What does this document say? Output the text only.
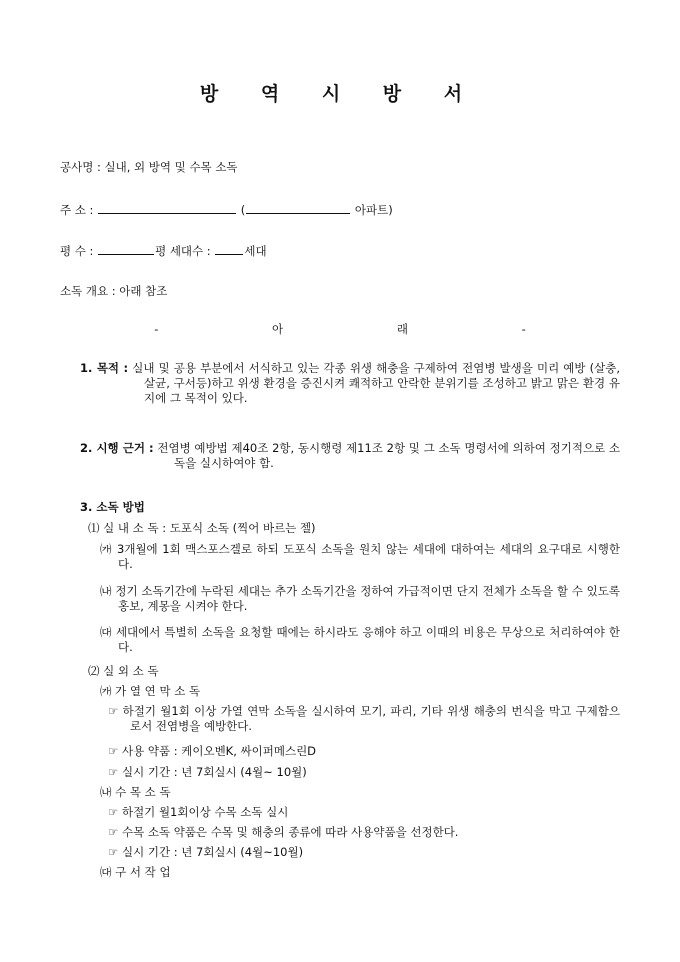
방 역 시 방 서
공사명 : 실내, 외 방역 및 수목 소독
주 소 :	(	아파트)
평 수 :	평 세대수 :	세대
소독 개요 : 아래 참조
- 아 래 -
1. 목적 : 실내 및 공용 부분에서 서식하고 있는 각종 위생 해충을 구제하여 전염병 발생을 미리 예방 (살충, 살균, 구서등)하고 위생 환경을 증진시켜 쾌적하고 안락한 분위기를 조성하고 밝고 맑은 환경 유지에 그 목적이 있다.
2. 시행 근거 : 전염병 예방법 제40조 2항, 동시행령 제11조 2항 및 그 소독 명령서에 의하여 정기적으로 소독을 실시하여야 함.
3. 소독 방법
⑴ 실 내 소 독 : 도포식 소독 (찍어 바르는 젤)
㈎ 3개월에 1회 맥스포스겔로 하되 도포식 소독을 원치 않는 세대에 대하여는 세대의 요구대로 시행한다.
㈏ 정기 소독기간에 누락된 세대는 추가 소독기간을 정하여 가급적이면 단지 전체가 소독을 할 수 있도록 홍보, 계몽을 시켜야 한다.
㈐ 세대에서 특별히 소독을 요청할 때에는 하시라도 응해야 하고 이때의 비용은 무상으로 처리하여야 한다.
⑵ 실 외 소 독
㈎ 가 열 연 막 소 독
☞ 하절기 월1회 이상 가열 연막 소독을 실시하여 모기, 파리, 기타 위생 해충의 번식을 막고 구제함으로서 전염병을 예방한다.
☞ 사용 약품 : 케이오벤K, 싸이퍼메스린D
☞ 실시 기간 : 년 7회실시 (4월~ 10월)
㈏ 수 목 소 독
☞ 하절기 월1회이상 수목 소독 실시
☞ 수목 소독 약품은 수목 및 해충의 종류에 따라 사용약품을 선정한다.
☞ 실시 기간 : 년 7회실시 (4월~10월)
㈐ 구 서 작 업
